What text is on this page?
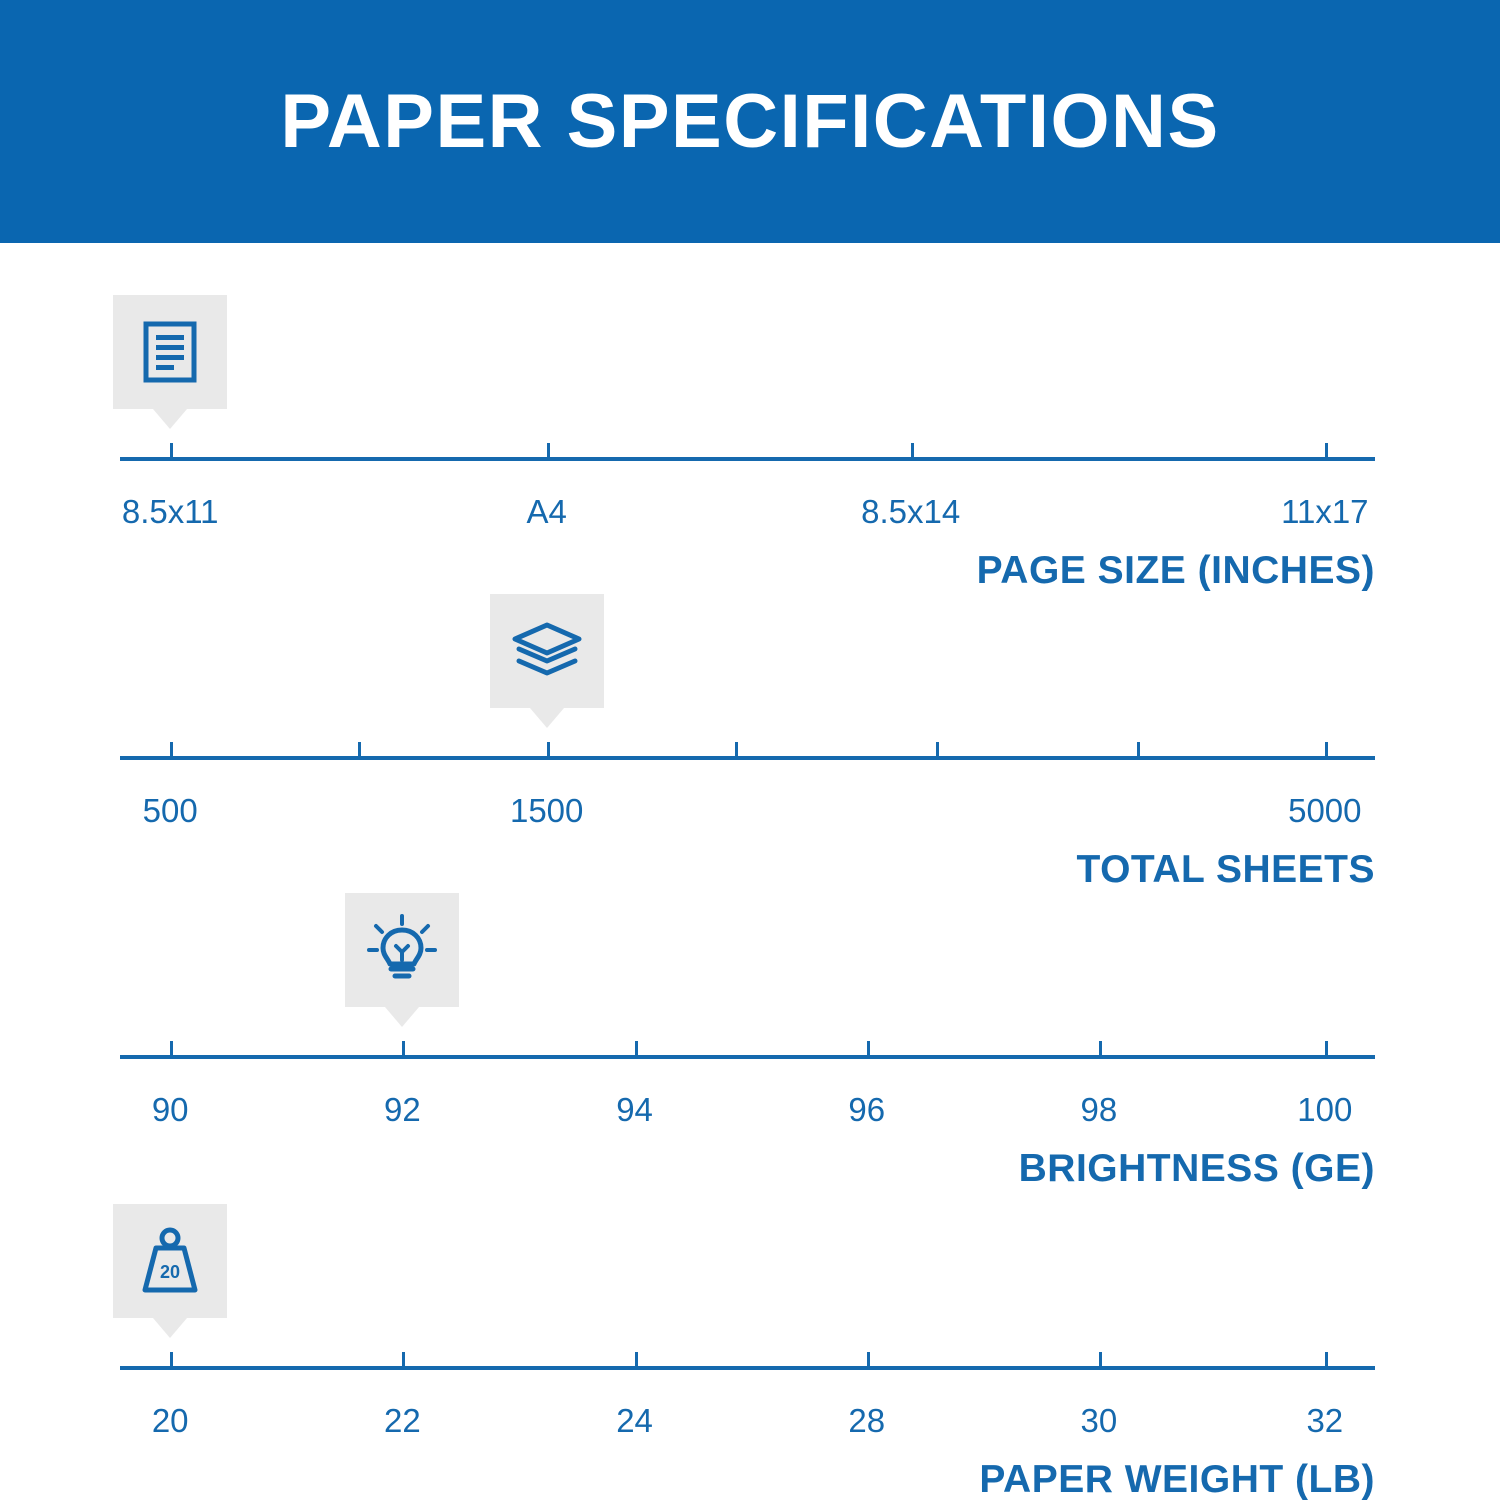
PAPER SPECIFICATIONS
8.5x11	A4	8.5x14	11x17
PAGE SIZE (INCHES)
500	1500	5000
TOTAL SHEETS
90	92	94	96	98	100
BRIGHTNESS (GE)
20
20	22	24	28	30	32
PAPER WEIGHT (LB)
